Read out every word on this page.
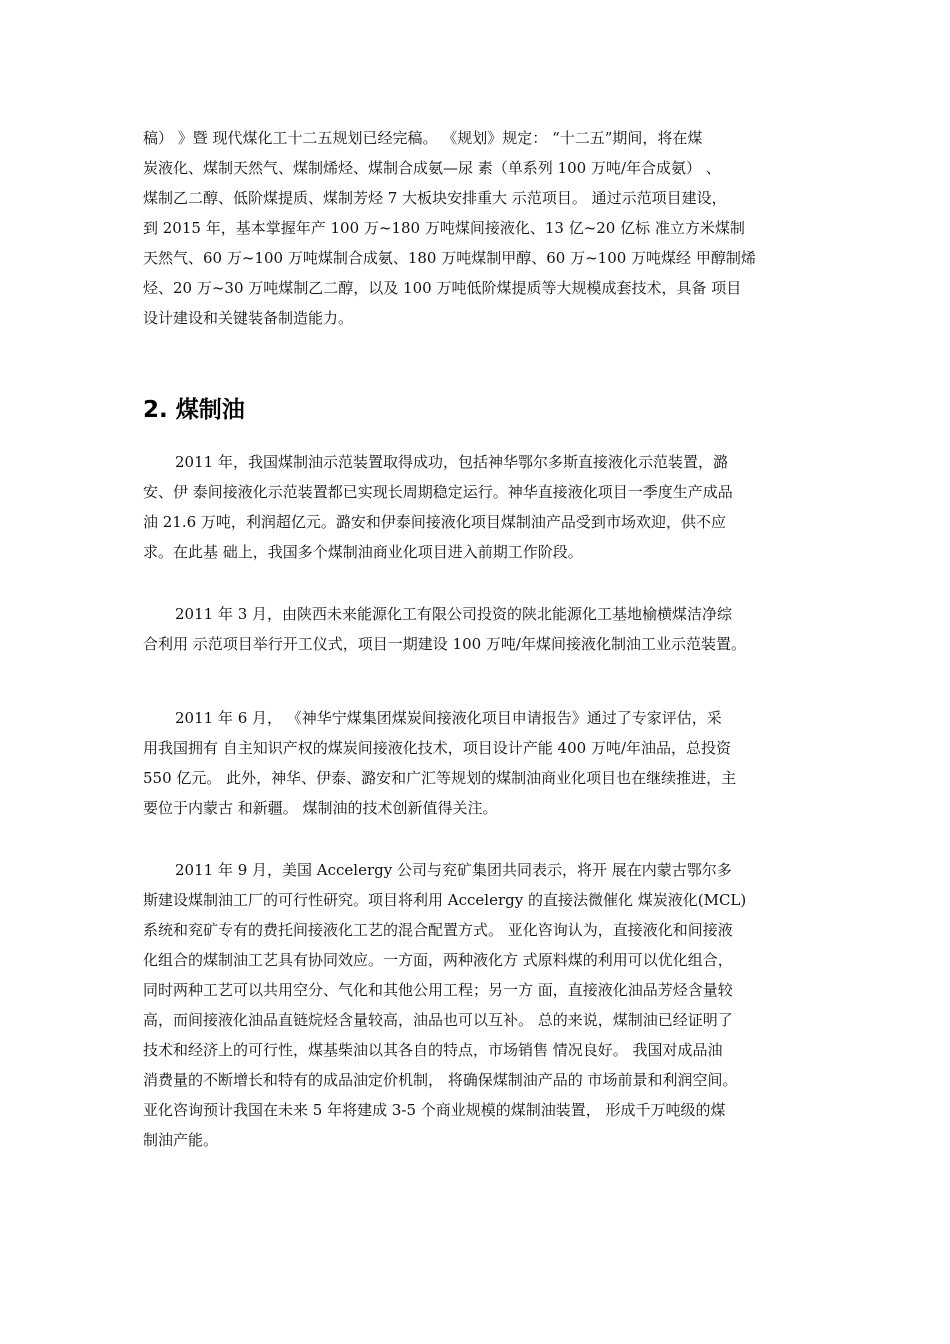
稿） 》暨 现代煤化工十二五规划已经完稿。 《规划》规定： “十二五”期间，将在煤
炭液化、煤制天然气、煤制烯烃、煤制合成氨—尿 素（单系列 100 万吨/年合成氨） 、
煤制乙二醇、低阶煤提质、煤制芳烃 7 大板块安排重大 示范项目。 通过示范项目建设，
到 2015 年，基本掌握年产 100 万~180 万吨煤间接液化、13 亿~20 亿标 准立方米煤制
天然气、60 万~100 万吨煤制合成氨、180 万吨煤制甲醇、60 万~100 万吨煤经 甲醇制烯
烃、20 万~30 万吨煤制乙二醇，以及 100 万吨低阶煤提质等大规模成套技术，具备 项目
设计建设和关键装备制造能力。
2. 煤制油
2011 年，我国煤制油示范装置取得成功，包括神华鄂尔多斯直接液化示范装置，潞
安、伊 泰间接液化示范装置都已实现长周期稳定运行。神华直接液化项目一季度生产成品
油 21.6 万吨，利润超亿元。潞安和伊泰间接液化项目煤制油产品受到市场欢迎，供不应
求。在此基 础上，我国多个煤制油商业化项目进入前期工作阶段。
2011 年 3 月，由陕西未来能源化工有限公司投资的陕北能源化工基地榆横煤洁净综
合利用 示范项目举行开工仪式，项目一期建设 100 万吨/年煤间接液化制油工业示范装置。
2011 年 6 月， 《神华宁煤集团煤炭间接液化项目申请报告》通过了专家评估，采
用我国拥有 自主知识产权的煤炭间接液化技术，项目设计产能 400 万吨/年油品，总投资
550 亿元。 此外，神华、伊泰、潞安和广汇等规划的煤制油商业化项目也在继续推进，主
要位于内蒙古 和新疆。 煤制油的技术创新值得关注。
2011 年 9 月，美国 Accelergy 公司与兖矿集团共同表示，将开 展在内蒙古鄂尔多
斯建设煤制油工厂的可行性研究。项目将利用 Accelergy 的直接法微催化 煤炭液化(MCL)
系统和兖矿专有的费托间接液化工艺的混合配置方式。 亚化咨询认为，直接液化和间接液
化组合的煤制油工艺具有协同效应。一方面，两种液化方 式原料煤的利用可以优化组合，
同时两种工艺可以共用空分、气化和其他公用工程；另一方 面，直接液化油品芳烃含量较
高，而间接液化油品直链烷烃含量较高，油品也可以互补。 总的来说，煤制油已经证明了
技术和经济上的可行性，煤基柴油以其各自的特点，市场销售 情况良好。 我国对成品油
消费量的不断增长和特有的成品油定价机制， 将确保煤制油产品的 市场前景和利润空间。
亚化咨询预计我国在未来 5 年将建成 3-5 个商业规模的煤制油装置， 形成千万吨级的煤
制油产能。
